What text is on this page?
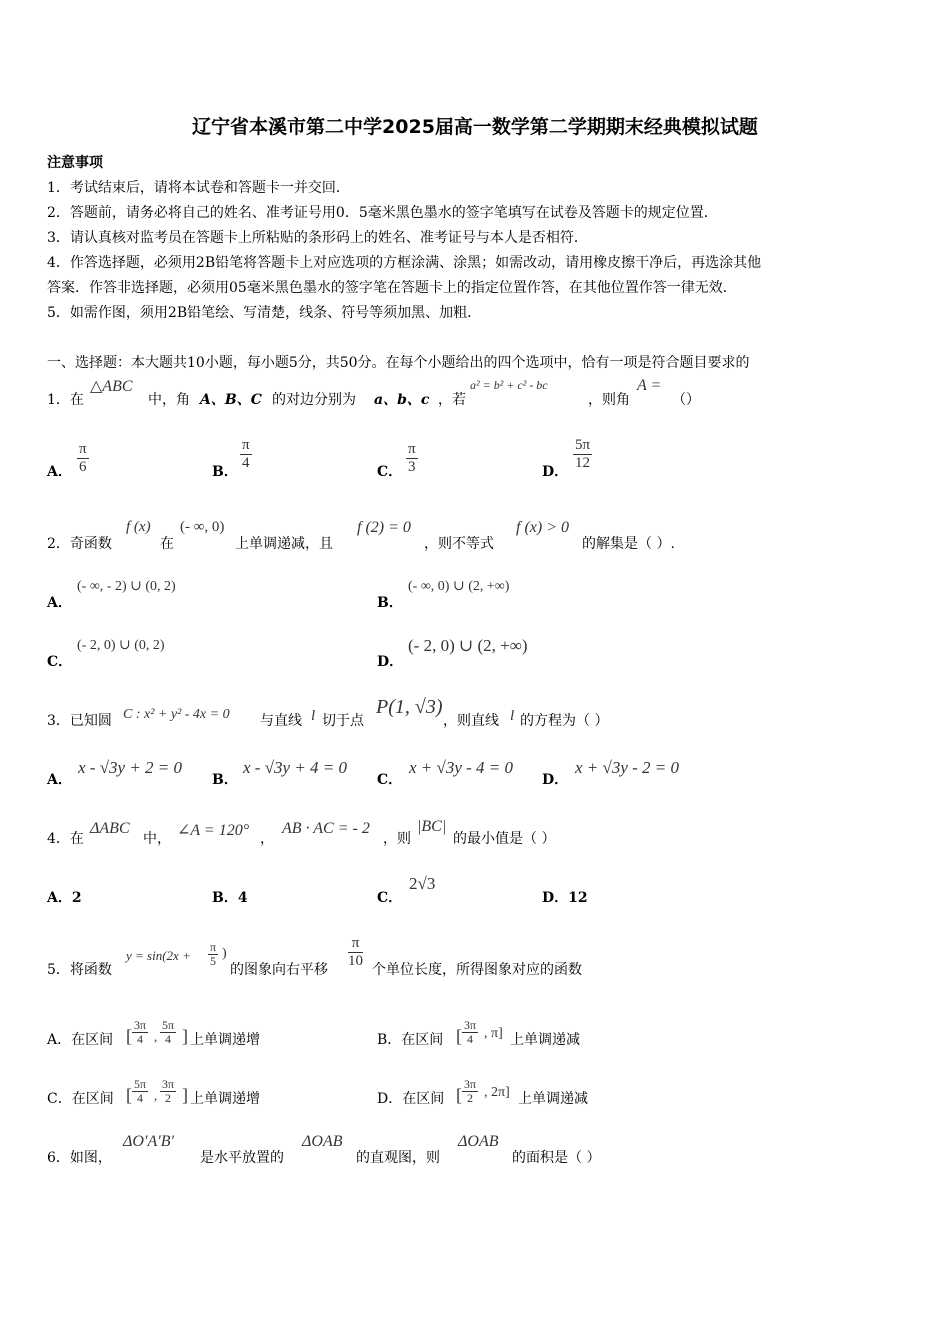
辽宁省本溪市第二中学2025届高一数学第二学期期末经典模拟试题
注意事项
1．考试结束后，请将本试卷和答题卡一并交回．
2．答题前，请务必将自己的姓名、准考证号用0．5毫米黑色墨水的签字笔填写在试卷及答题卡的规定位置．
3．请认真核对监考员在答题卡上所粘贴的条形码上的姓名、准考证号与本人是否相符．
4．作答选择题，必须用2B铅笔将答题卡上对应选项的方框涂满、涂黑；如需改动，请用橡皮擦干净后，再选涂其他
答案．作答非选择题，必须用05毫米黑色墨水的签字笔在答题卡上的指定位置作答，在其他位置作答一律无效．
5．如需作图，须用2B铅笔绘、写清楚，线条、符号等须加黑、加粗．
一、选择题：本大题共10小题，每小题5分，共50分。在每个小题给出的四个选项中，恰有一项是符合题目要求的
1．在
△ABC
中，角 A、B、C 的对边分别为 a、b、c ，若
a² = b² + c² - bc
，则角
A =
（）
A．
π
6	B．
π
4
C．
π
3	D．
5π
12
2．奇函数
f (x)
在
(- ∞, 0)
上单调递减，且
f (2) = 0
，则不等式
f (x) > 0
的解集是（ ）.
A．
(- ∞, - 2) ∪ (0, 2)
B．
(- ∞, 0) ∪ (2, +∞)
C．
(- 2, 0) ∪ (0, 2)
D．
(- 2, 0) ∪ (2, +∞)
3．已知圆 C : x² + y² - 4x = 0 与直线 l 切于点
P(1, √3)
，则直线 l 的方程为（ ）
A．
x - √3y + 2 = 0
B．
x - √3y + 4 = 0
C．
x + √3y - 4 = 0
D．
x + √3y - 2 = 0
4．在
ΔABC
中， ∠A = 120° ，
AB · AC = - 2
，则
|BC|
的最小值是（ ）
A．2	B．4	C．
2√3
D．12
5．将函数
y = sin(2x +
π
5 )
的图象向右平移
π
10
个单位长度，所得图象对应的函数
A．在区间 [
3π
4 ,
5π
4 ] 上单调递增	B．在区间 [
3π
4 , π] 上单调递减
C．在区间 [
5π
4 ,
3π
2 ] 上单调递增	D．在区间 [
3π
2 , 2π] 上单调递减
6．如图，
ΔO′A′B′
是水平放置的
ΔOAB
的直观图，则
ΔOAB
的面积是（ ）
